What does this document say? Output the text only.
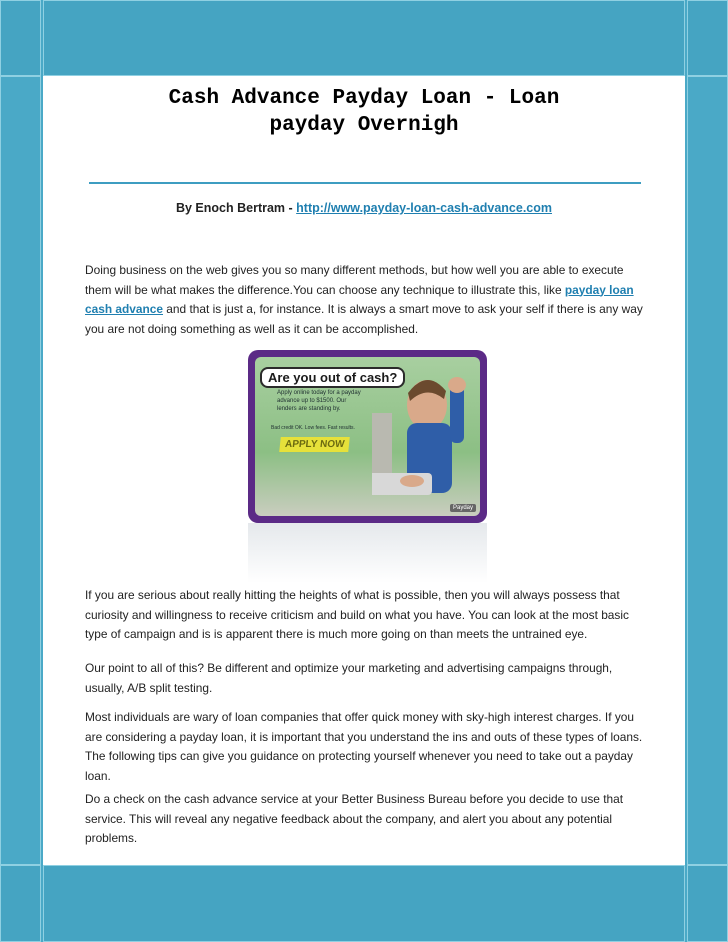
Cash Advance Payday Loan - Loan
payday Overnigh
By Enoch Bertram - http://www.payday-loan-cash-advance.com

Doing business on the web gives you so many different methods, but how well you are able to execute them will be what makes the difference.You can choose any technique to illustrate this, like payday loan cash advance and that is just a, for instance. It is always a smart move to ask your self if there is any way you are not doing something as well as it can be accomplished.

Are you out of cash?
Apply online today for a payday advance up to $1500. Our lenders are standing by.
Bad credit OK. Low fees. Fast results.
APPLY NOW
Payday

If you are serious about really hitting the heights of what is possible, then you will always possess that curiosity and willingness to receive criticism and build on what you have. You can look at the most basic type of campaign and is is apparent there is much more going on than meets the untrained eye.

Our point to all of this? Be different and optimize your marketing and advertising campaigns through, usually, A/B split testing.

Most individuals are wary of loan companies that offer quick money with sky-high interest charges. If you are considering a payday loan, it is important that you understand the ins and outs of these types of loans. The following tips can give you guidance on protecting yourself whenever you need to take out a payday loan.

Do a check on the cash advance service at your Better Business Bureau before you decide to use that service. This will reveal any negative feedback about the company, and alert you about any potential problems.
